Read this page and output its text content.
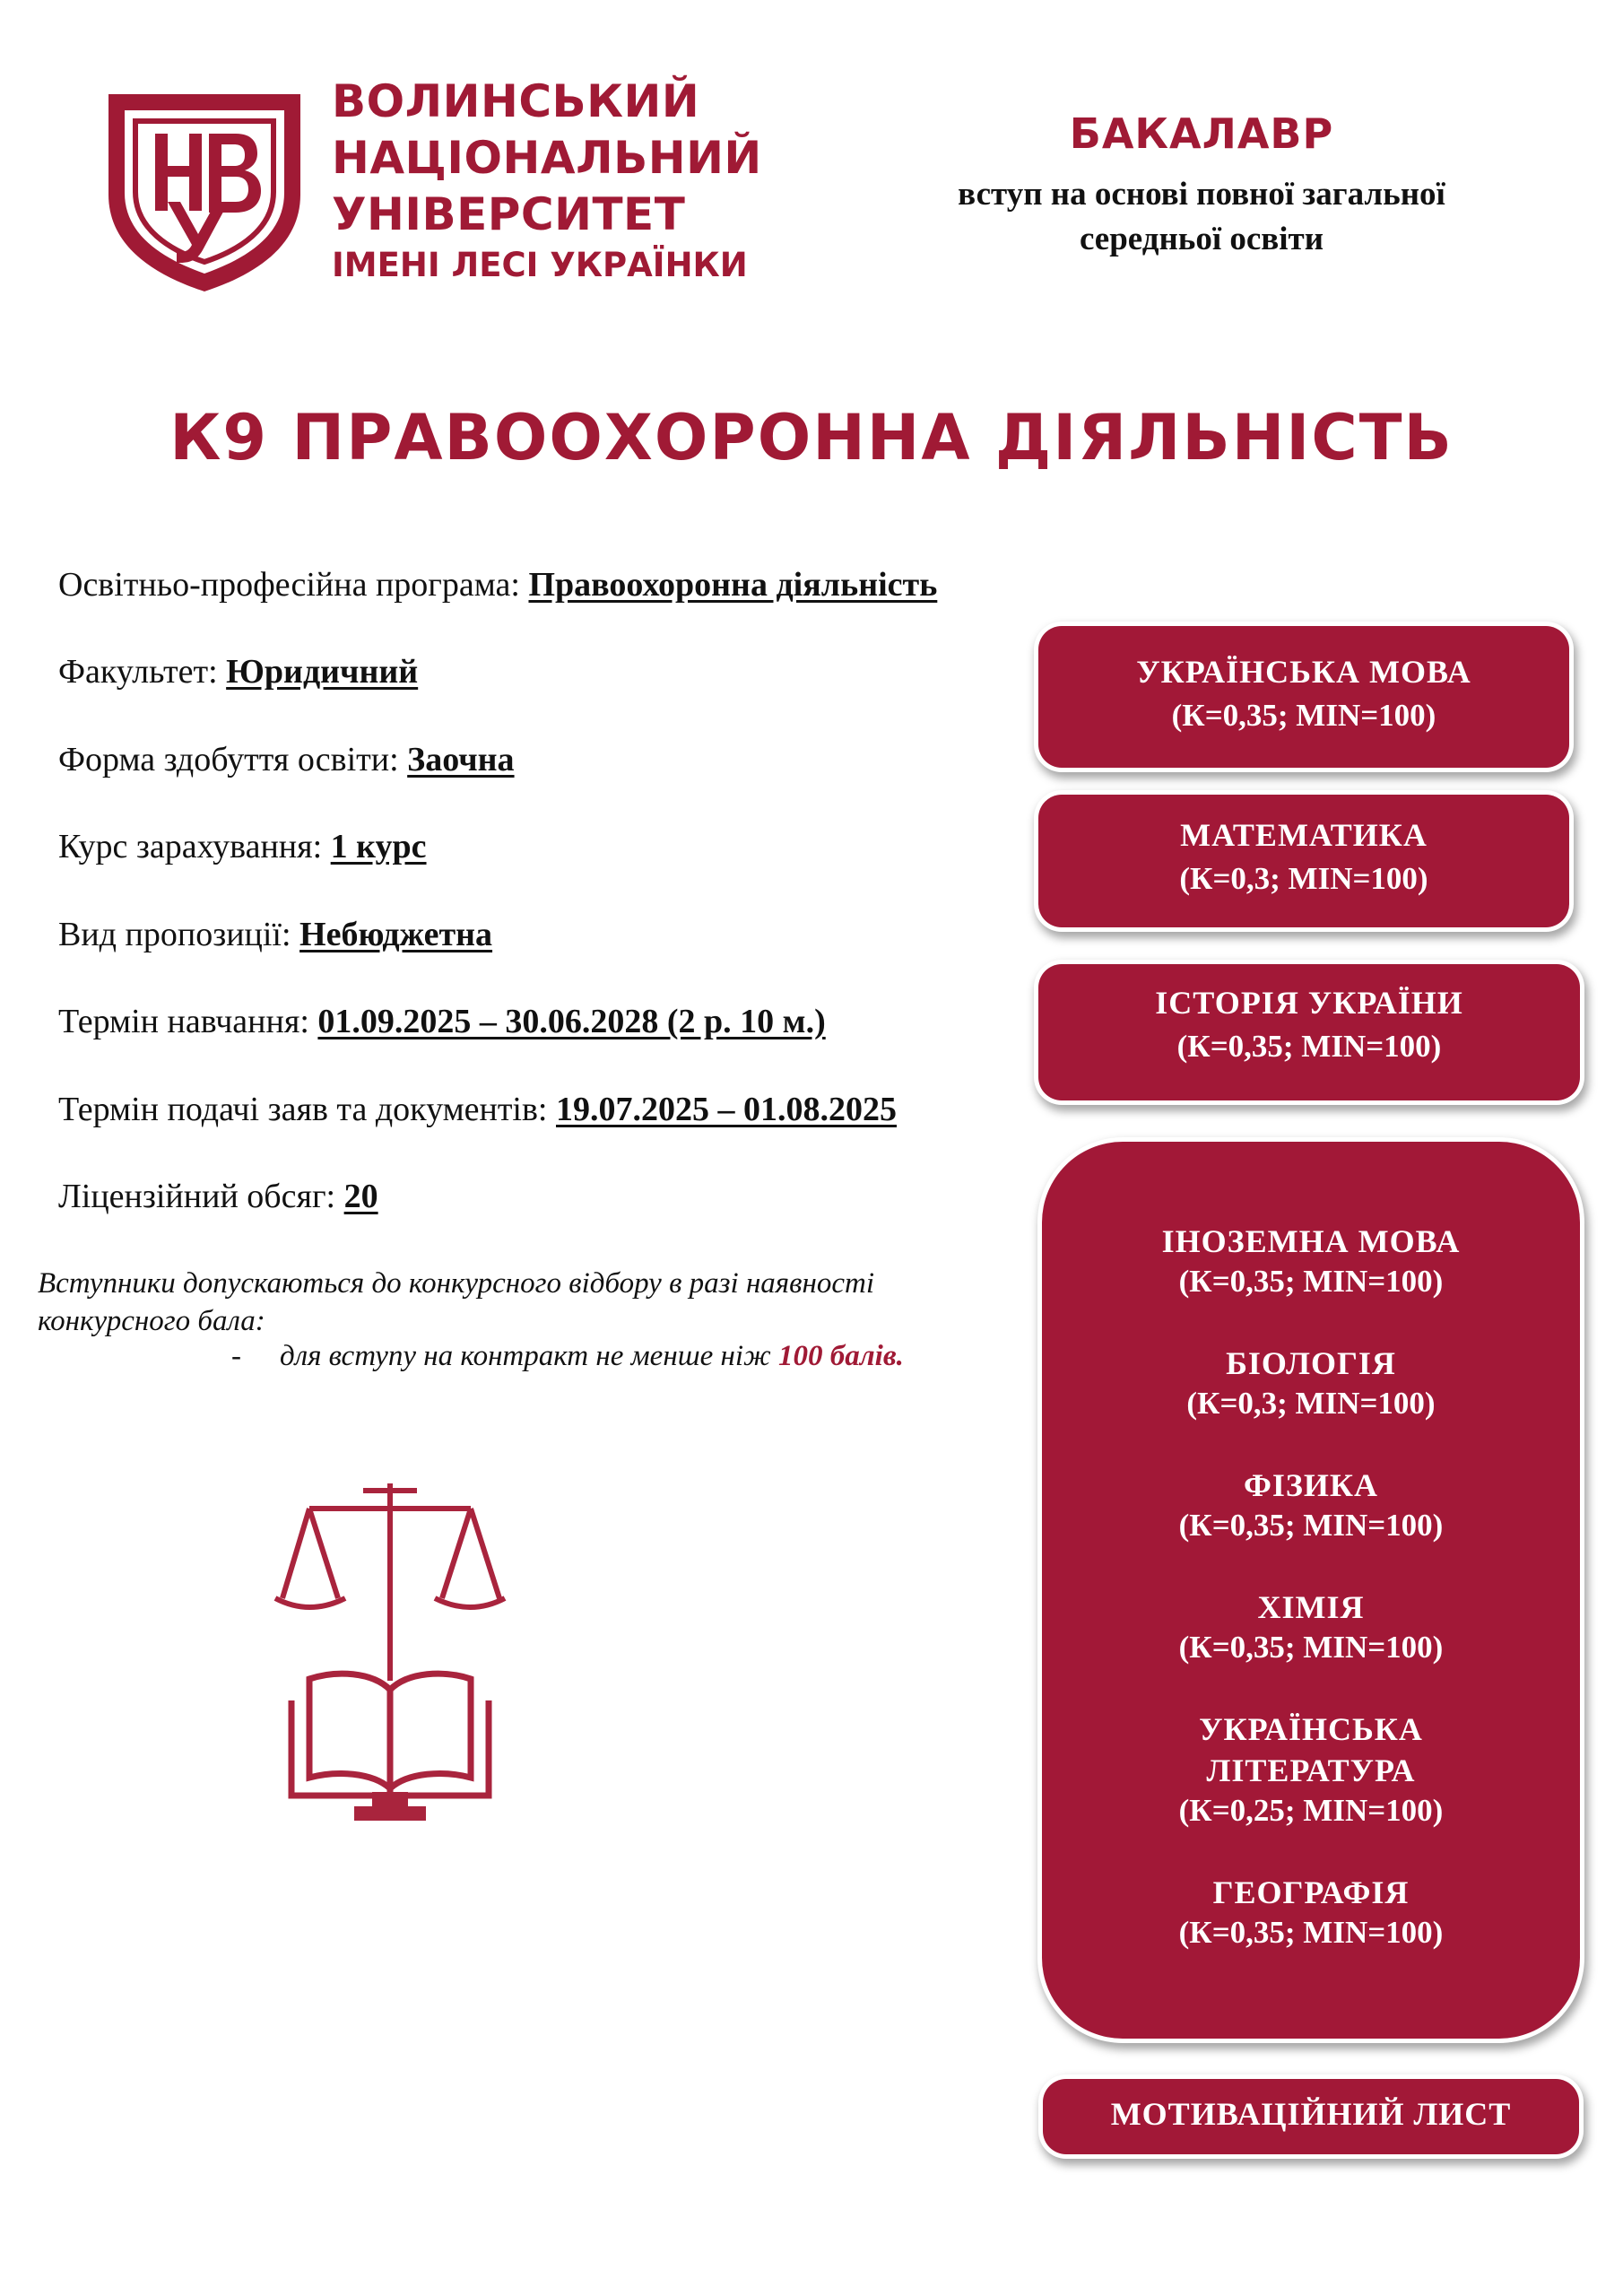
ВОЛИНСЬКИЙ
НАЦІОНАЛЬНИЙ
УНІВЕРСИТЕТ
ІМЕНІ ЛЕСІ УКРАЇНКИ
БАКАЛАВР
вступ на основі повної загальної
середньої освіти
К9 ПРАВООХОРОННА ДІЯЛЬНІСТЬ
Освітньо-професійна програма: Правоохоронна діяльність
Факультет: Юридичний
Форма здобуття освіти: Заочна
Курс зарахування: 1 курс
Вид пропозиції: Небюджетна
Термін навчання: 01.09.2025 – 30.06.2028 (2 р. 10 м.)
Термін подачі заяв та документів: 19.07.2025 – 01.08.2025
Ліцензійний обсяг: 20
Вступники допускаються до конкурсного відбору в разі наявності конкурсного бала:
- для вступу на контракт не менше ніж 100 балів.
УКРАЇНСЬКА МОВА
(К=0,35; MIN=100)
МАТЕМАТИКА
(К=0,3; MIN=100)
ІСТОРІЯ УКРАЇНИ
(К=0,35; MIN=100)
ІНОЗЕМНА МОВА
(К=0,35; MIN=100)
БІОЛОГІЯ
(К=0,3; MIN=100)
ФІЗИКА
(К=0,35; MIN=100)
ХІМІЯ
(К=0,35; MIN=100)
УКРАЇНСЬКА
ЛІТЕРАТУРА
(К=0,25; MIN=100)
ГЕОГРАФІЯ
(К=0,35; MIN=100)
МОТИВАЦІЙНИЙ ЛИСТ
